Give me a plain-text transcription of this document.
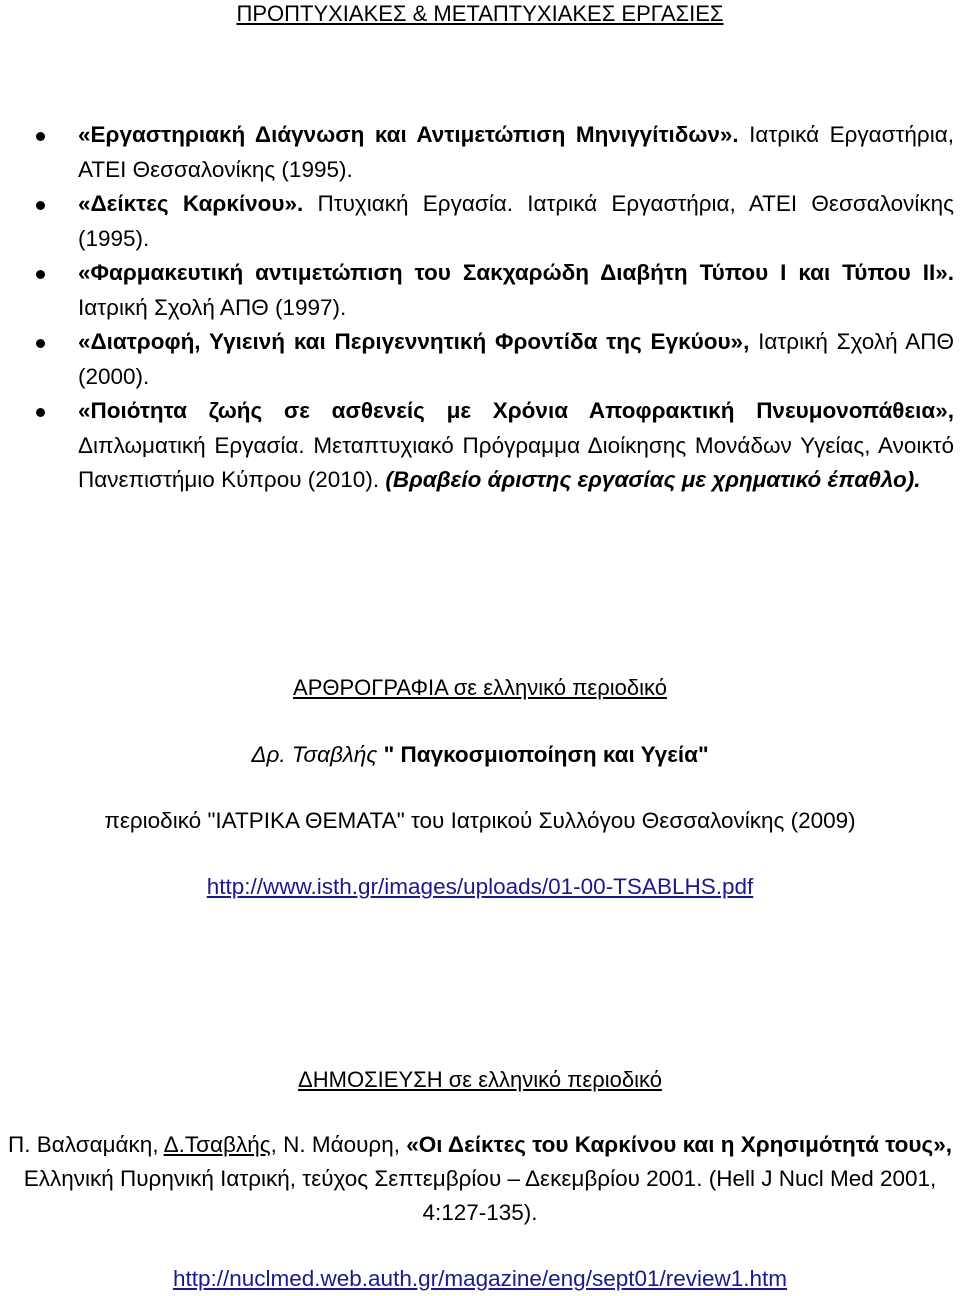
ΠΡΟΠΤΥΧΙΑΚΕΣ & ΜΕΤΑΠΤΥΧΙΑΚΕΣ ΕΡΓΑΣΙΕΣ
«Εργαστηριακή Διάγνωση και Αντιμετώπιση Μηνιγγίτιδων». Ιατρικά Εργαστήρια, ΑΤΕΙ Θεσσαλονίκης (1995).
«Δείκτες Καρκίνου». Πτυχιακή Εργασία. Ιατρικά Εργαστήρια, ΑΤΕΙ Θεσσαλονίκης (1995).
«Φαρμακευτική αντιμετώπιση του Σακχαρώδη Διαβήτη Τύπου Ι και Τύπου ΙΙ». Ιατρική Σχολή ΑΠΘ (1997).
«Διατροφή, Υγιεινή και Περιγεννητική Φροντίδα της Εγκύου», Ιατρική Σχολή ΑΠΘ (2000).
«Ποιότητα ζωής σε ασθενείς με Χρόνια Αποφρακτική Πνευμονοπάθεια», Διπλωματική Εργασία. Μεταπτυχιακό Πρόγραμμα Διοίκησης Μονάδων Υγείας, Ανοικτό Πανεπιστήμιο Κύπρου (2010). (Βραβείο άριστης εργασίας με χρηματικό έπαθλο).
ΑΡΘΡΟΓΡΑΦΙΑ σε ελληνικό περιοδικό
Δρ. Τσαβλής " Παγκοσμιοποίηση και Υγεία"
περιοδικό "ΙΑΤΡΙΚΑ ΘΕΜΑΤΑ" του Ιατρικού Συλλόγου Θεσσαλονίκης (2009)
http://www.isth.gr/images/uploads/01-00-TSABLHS.pdf
ΔΗΜΟΣΙΕΥΣΗ σε ελληνικό περιοδικό
Π. Βαλσαμάκη, Δ.Τσαβλής, Ν. Μάουρη, «Οι Δείκτες του Καρκίνου και η Χρησιμότητά τους», Ελληνική Πυρηνική Ιατρική, τεύχος Σεπτεμβρίου – Δεκεμβρίου 2001. (Hell J Nucl Med 2001, 4:127-135).
http://nuclmed.web.auth.gr/magazine/eng/sept01/review1.htm
